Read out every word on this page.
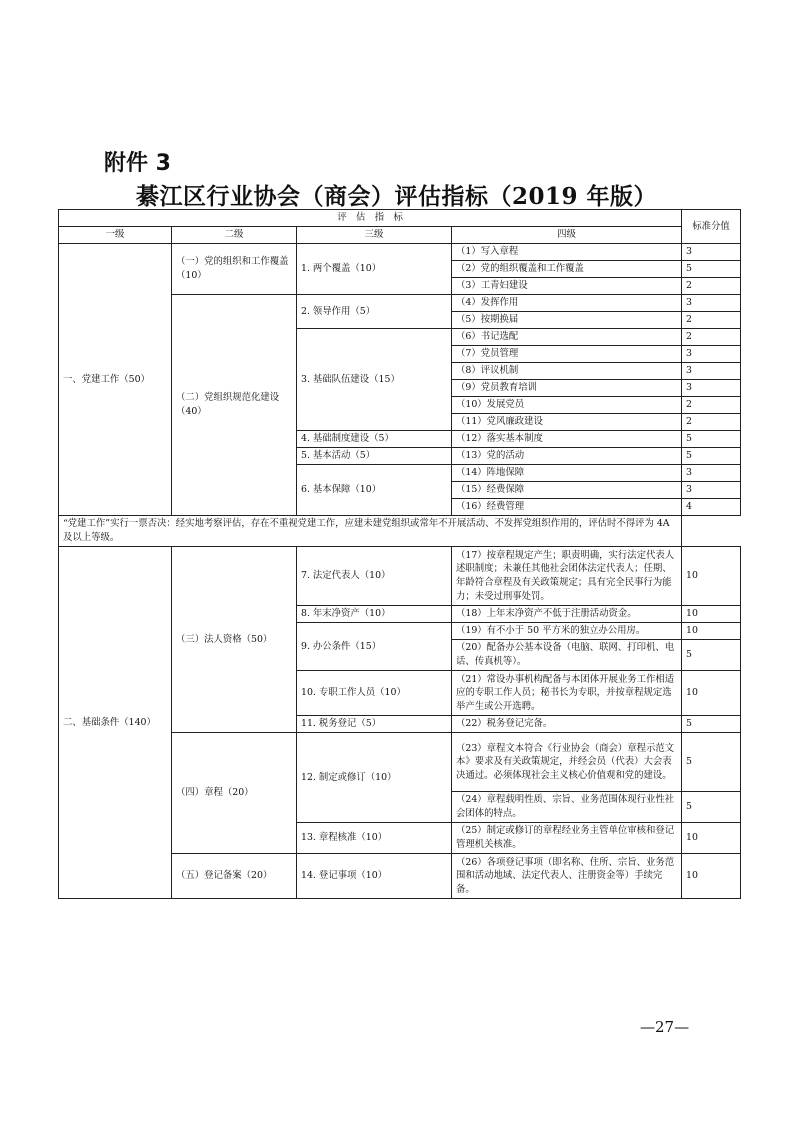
附件 3
綦江区行业协会（商会）评估指标（2019 年版）
评　估　指　标				标准分值
一级	二级	三级	四级	
一、党建工作（50）	（一）党的组织和工作覆盖（10）	1. 两个覆盖（10）	（1）写入章程	3
			（2）党的组织覆盖和工作覆盖	5
			（3）工青妇建设	2
	（二）党组织规范化建设（40）	2. 领导作用（5）	（4）发挥作用	3
			（5）按期换届	2
		3. 基础队伍建设（15）	（6）书记选配	2
			（7）党员管理	3
			（8）评议机制	3
			（9）党员教育培训	3
			（10）发展党员	2
			（11）党风廉政建设	2
		4. 基础制度建设（5）	（12）落实基本制度	5
		5. 基本活动（5）	（13）党的活动	5
		6. 基本保障（10）	（14）阵地保障	3
			（15）经费保障	3
			（16）经费管理	4
“党建工作”实行一票否决：经实地考察评估，存在不重视党建工作，应建未建党组织或常年不开展活动、不发挥党组织作用的，评估时不得评为 4A 及以上等级。				
二、基础条件（140）	（三）法人资格（50）	7. 法定代表人（10）	（17）按章程规定产生；职责明确，实行法定代表人述职制度；未兼任其他社会团体法定代表人；任期、年龄符合章程及有关政策规定；具有完全民事行为能力；未受过刑事处罚。	10
		8. 年末净资产（10）	（18）上年末净资产不低于注册活动资金。	10
		9. 办公条件（15）	（19）有不小于 50 平方米的独立办公用房。	10
			（20）配备办公基本设备（电脑、联网、打印机、电话、传真机等）。	5
		10. 专职工作人员（10）	（21）常设办事机构配备与本团体开展业务工作相适应的专职工作人员；秘书长为专职，并按章程规定选举产生或公开选聘。	10
		11. 税务登记（5）	（22）税务登记完备。	5
	（四）章程（20）	12. 制定或修订（10）	（23）章程文本符合《行业协会（商会）章程示范文本》要求及有关政策规定，并经会员（代表）大会表决通过。必须体现社会主义核心价值观和党的建设。	5
			（24）章程载明性质、宗旨、业务范围体现行业性社会团体的特点。	5
		13. 章程核准（10）	（25）制定或修订的章程经业务主管单位审核和登记管理机关核准。	10
	（五）登记备案（20）	14. 登记事项（10）	（26）各项登记事项（即名称、住所、宗旨、业务范围和活动地域、法定代表人、注册资金等）手续完备。	10
—27—
